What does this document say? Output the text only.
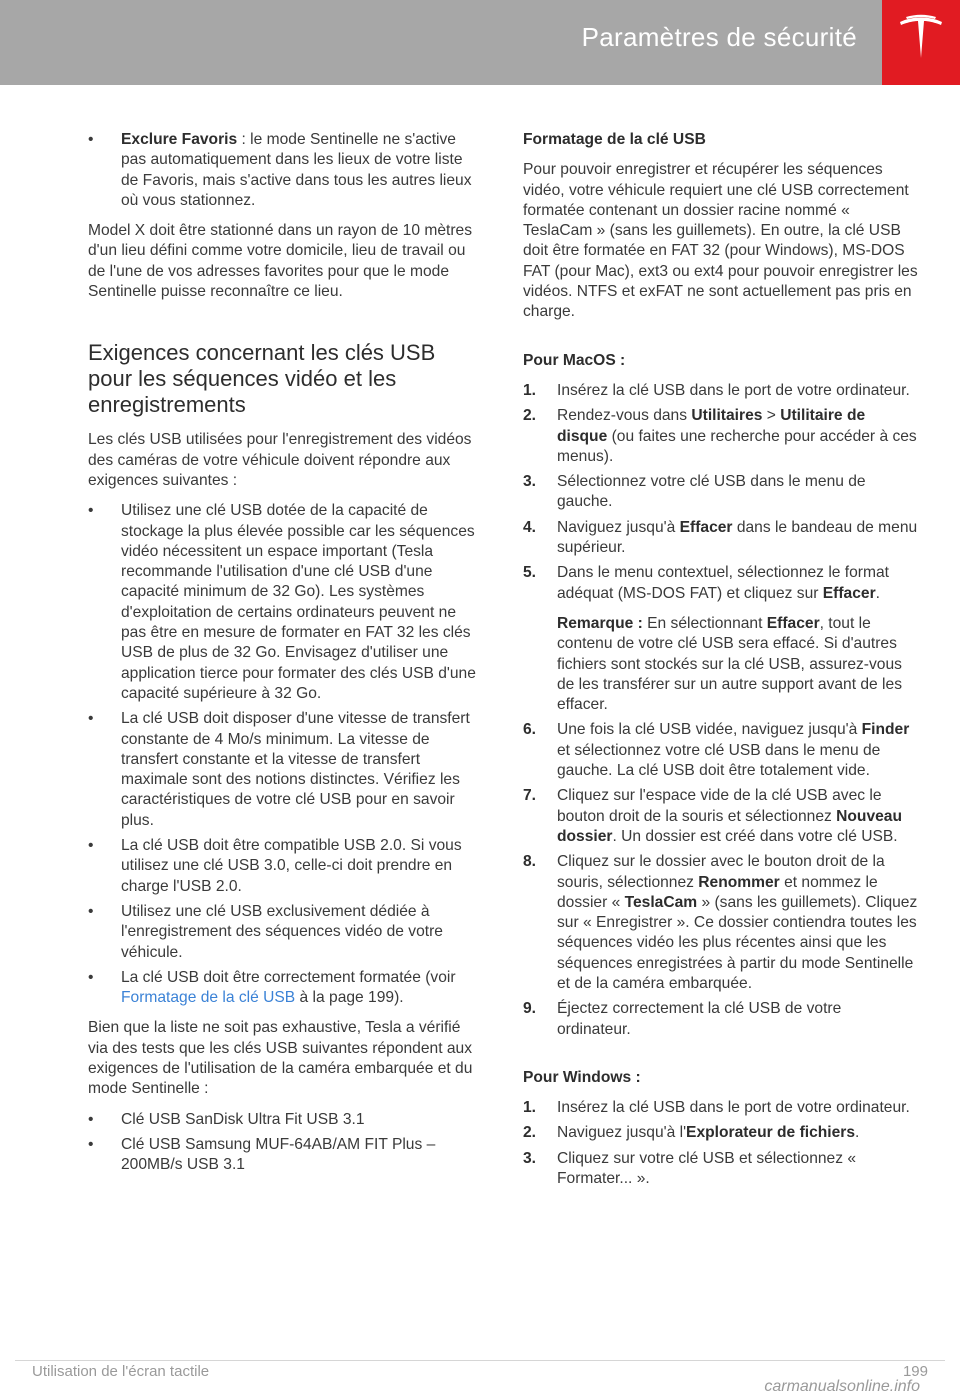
Paramètres de sécurité
• Exclure Favoris : le mode Sentinelle ne s'active pas automatiquement dans les lieux de votre liste de Favoris, mais s'active dans tous les autres lieux où vous stationnez.

Model X doit être stationné dans un rayon de 10 mètres d'un lieu défini comme votre domicile, lieu de travail ou de l'une de vos adresses favorites pour que le mode Sentinelle puisse reconnaître ce lieu.

Exigences concernant les clés USB pour les séquences vidéo et les enregistrements

Les clés USB utilisées pour l'enregistrement des vidéos des caméras de votre véhicule doivent répondre aux exigences suivantes :

• Utilisez une clé USB dotée de la capacité de stockage la plus élevée possible car les séquences vidéo nécessitent un espace important (Tesla recommande l'utilisation d'une clé USB d'une capacité minimum de 32 Go). Les systèmes d'exploitation de certains ordinateurs peuvent ne pas être en mesure de formater en FAT 32 les clés USB de plus de 32 Go. Envisagez d'utiliser une application tierce pour formater des clés USB d'une capacité supérieure à 32 Go.
• La clé USB doit disposer d'une vitesse de transfert constante de 4 Mo/s minimum. La vitesse de transfert constante et la vitesse de transfert maximale sont des notions distinctes. Vérifiez les caractéristiques de votre clé USB pour en savoir plus.
• La clé USB doit être compatible USB 2.0. Si vous utilisez une clé USB 3.0, celle-ci doit prendre en charge l'USB 2.0.
• Utilisez une clé USB exclusivement dédiée à l'enregistrement des séquences vidéo de votre véhicule.
• La clé USB doit être correctement formatée (voir Formatage de la clé USB à la page 199).

Bien que la liste ne soit pas exhaustive, Tesla a vérifié via des tests que les clés USB suivantes répondent aux exigences de l'utilisation de la caméra embarquée et du mode Sentinelle :

• Clé USB SanDisk Ultra Fit USB 3.1
• Clé USB Samsung MUF-64AB/AM FIT Plus – 200MB/s USB 3.1
Formatage de la clé USB

Pour pouvoir enregistrer et récupérer les séquences vidéo, votre véhicule requiert une clé USB correctement formatée contenant un dossier racine nommé « TeslaCam » (sans les guillemets). En outre, la clé USB doit être formatée en FAT 32 (pour Windows), MS-DOS FAT (pour Mac), ext3 ou ext4 pour pouvoir enregistrer les vidéos. NTFS et exFAT ne sont actuellement pas pris en charge.

Pour MacOS :
1. Insérez la clé USB dans le port de votre ordinateur.
2. Rendez-vous dans Utilitaires > Utilitaire de disque (ou faites une recherche pour accéder à ces menus).
3. Sélectionnez votre clé USB dans le menu de gauche.
4. Naviguez jusqu'à Effacer dans le bandeau de menu supérieur.
5. Dans le menu contextuel, sélectionnez le format adéquat (MS-DOS FAT) et cliquez sur Effacer.
Remarque : En sélectionnant Effacer, tout le contenu de votre clé USB sera effacé. Si d'autres fichiers sont stockés sur la clé USB, assurez-vous de les transférer sur un autre support avant de les effacer.
6. Une fois la clé USB vidée, naviguez jusqu'à Finder et sélectionnez votre clé USB dans le menu de gauche. La clé USB doit être totalement vide.
7. Cliquez sur l'espace vide de la clé USB avec le bouton droit de la souris et sélectionnez Nouveau dossier. Un dossier est créé dans votre clé USB.
8. Cliquez sur le dossier avec le bouton droit de la souris, sélectionnez Renommer et nommez le dossier « TeslaCam » (sans les guillemets). Cliquez sur « Enregistrer ». Ce dossier contiendra toutes les séquences vidéo les plus récentes ainsi que les séquences enregistrées à partir du mode Sentinelle et de la caméra embarquée.
9. Éjectez correctement la clé USB de votre ordinateur.
Pour Windows :
1. Insérez la clé USB dans le port de votre ordinateur.
2. Naviguez jusqu'à l'Explorateur de fichiers.
3. Cliquez sur votre clé USB et sélectionnez « Formater... ».
Utilisation de l'écran tactile	199
carmanualsonline.info
